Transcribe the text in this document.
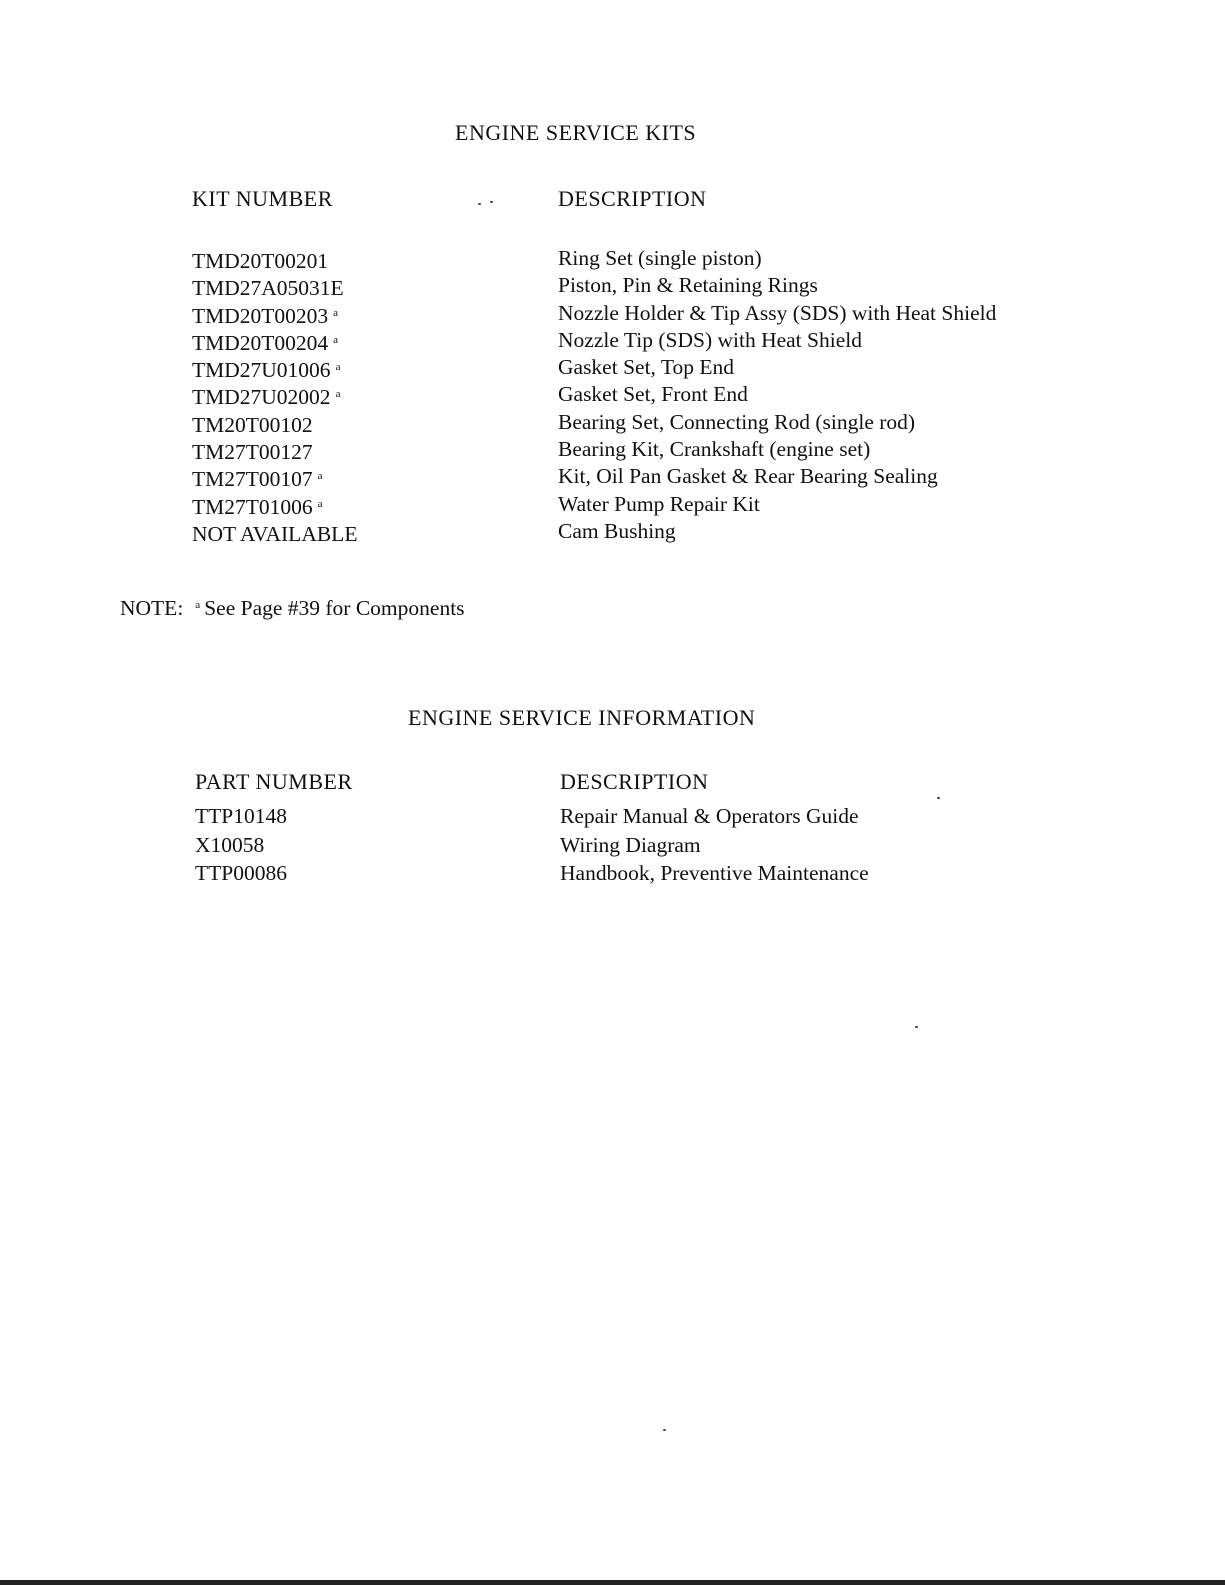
ENGINE SERVICE KITS
KIT NUMBER	DESCRIPTION
TMD20T00201
TMD27A05031E
TMD20T00203 $^a$
TMD20T00204 $^a$
TMD27U01006 $^a$
TMD27U02002 $^a$
TM20T00102
TM27T00127
TM27T00107 $^a$
TM27T01006 $^a$
NOT AVAILABLE
Ring Set (single piston)
Piston, Pin & Retaining Rings
Nozzle Holder & Tip Assy (SDS) with Heat Shield
Nozzle Tip (SDS) with Heat Shield
Gasket Set, Top End
Gasket Set, Front End
Bearing Set, Connecting Rod (single rod)
Bearing Kit, Crankshaft (engine set)
Kit, Oil Pan Gasket & Rear Bearing Sealing
Water Pump Repair Kit
Cam Bushing
NOTE: $^a$ See Page #39 for Components
ENGINE SERVICE INFORMATION
PART NUMBER	DESCRIPTION
TTP10148
X10058
TTP00086
Repair Manual & Operators Guide
Wiring Diagram
Handbook, Preventive Maintenance
